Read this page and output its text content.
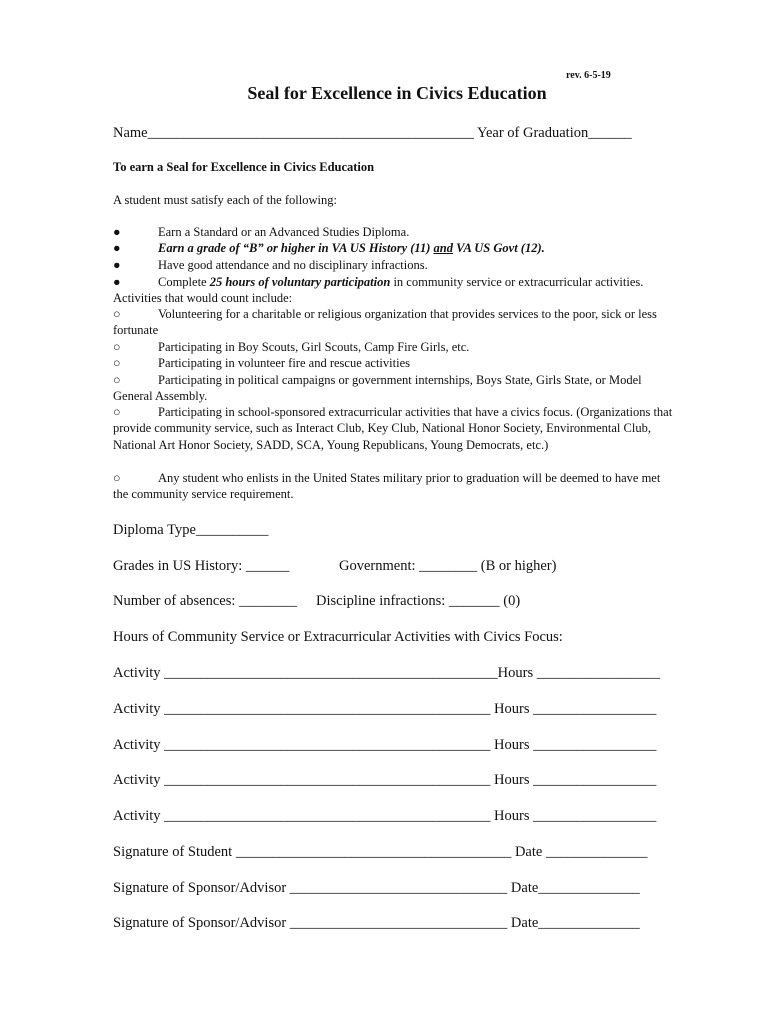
rev. 6-5-19
Seal for Excellence in Civics Education
Name_____________________________________________ Year of Graduation______
To earn a Seal for Excellence in Civics Education
A student must satisfy each of the following:
●	Earn a Standard or an Advanced Studies Diploma.
●	Earn a grade of “B” or higher in VA US History (11) and VA US Govt (12).
●	Have good attendance and no disciplinary infractions.
●	Complete 25 hours of voluntary participation in community service or extracurricular activities. Activities that would count include:
○	Volunteering for a charitable or religious organization that provides services to the poor, sick or less fortunate
○	Participating in Boy Scouts, Girl Scouts, Camp Fire Girls, etc.
○	Participating in volunteer fire and rescue activities
○	Participating in political campaigns or government internships, Boys State, Girls State, or Model General Assembly.
○	Participating in school-sponsored extracurricular activities that have a civics focus. (Organizations that provide community service, such as Interact Club, Key Club, National Honor Society, Environmental Club, National Art Honor Society, SADD, SCA, Young Republicans, Young Democrats, etc.)
○	Any student who enlists in the United States military prior to graduation will be deemed to have met the community service requirement.
Diploma Type__________
Grades in US History: ______	Government: ________ (B or higher)
Number of absences: ________ Discipline infractions: _______ (0)
Hours of Community Service or Extracurricular Activities with Civics Focus:
Activity ______________________________________________Hours _________________
Activity _____________________________________________ Hours _________________
Activity _____________________________________________ Hours _________________
Activity _____________________________________________ Hours _________________
Activity _____________________________________________ Hours _________________
Signature of Student ______________________________________ Date ______________
Signature of Sponsor/Advisor ______________________________ Date______________
Signature of Sponsor/Advisor ______________________________ Date______________
